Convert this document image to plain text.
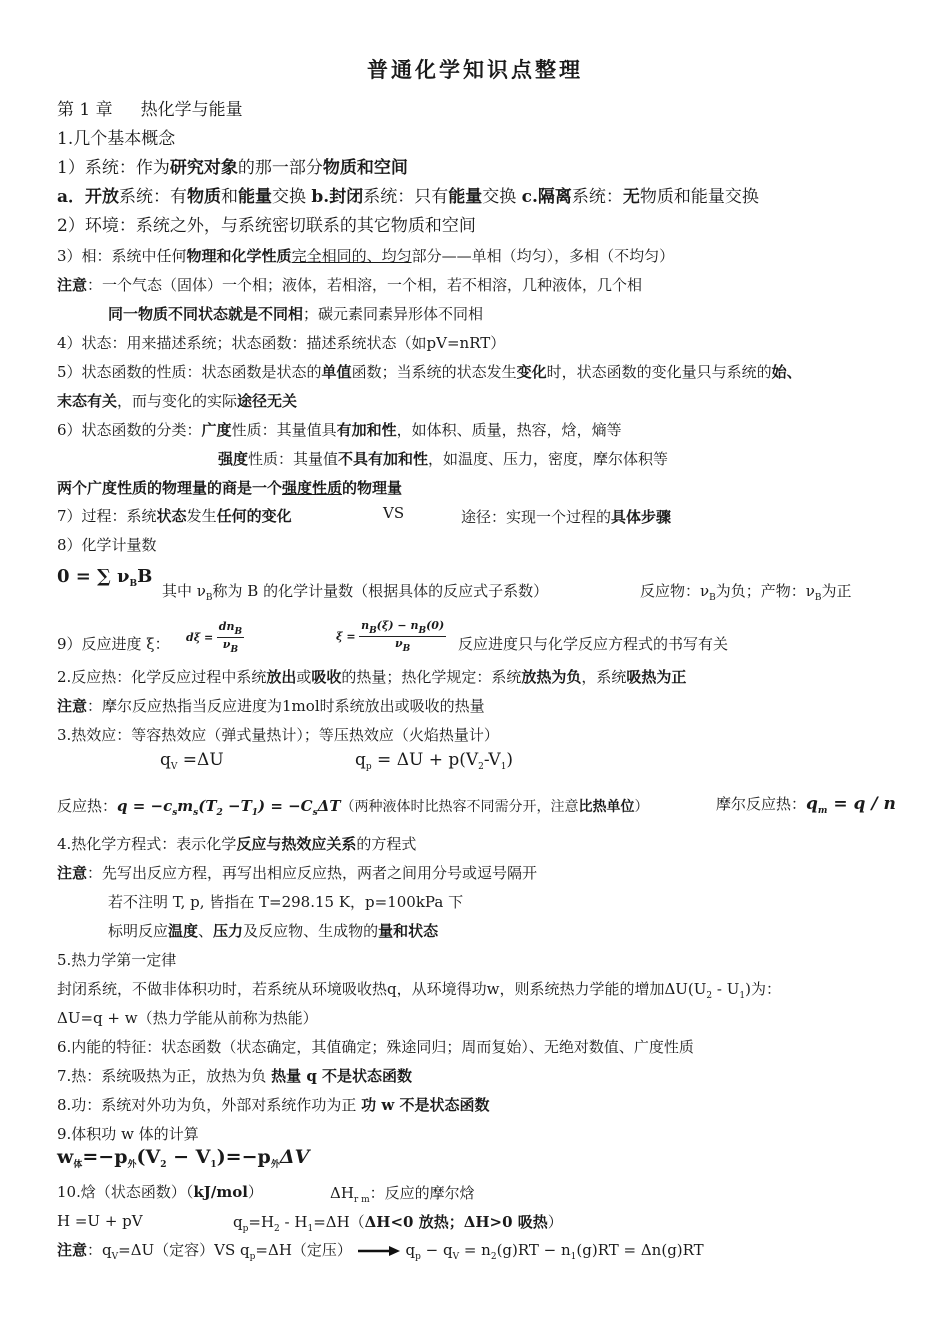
普通化学知识点整理
第 1 章 热化学与能量
1.几个基本概念
1）系统：作为研究对象的那一部分物质和空间
a．开放系统：有物质和能量交换 b.封闭系统：只有能量交换 c.隔离系统：无物质和能量交换
2）环境：系统之外，与系统密切联系的其它物质和空间
3）相：系统中任何物理和化学性质完全相同的、均匀部分——单相（均匀），多相（不均匀）
注意：一个气态（固体）一个相；液体，若相溶，一个相，若不相溶，几种液体，几个相
同一物质不同状态就是不同相；碳元素同素异形体不同相
4）状态：用来描述系统；状态函数：描述系统状态（如pV=nRT）
5）状态函数的性质：状态函数是状态的单值函数；当系统的状态发生变化时，状态函数的变化量只与系统的始、
末态有关，而与变化的实际途径无关
6）状态函数的分类：广度性质：其量值具有加和性，如体积、质量，热容，焓，熵等
强度性质：其量值不具有加和性，如温度、压力，密度，摩尔体积等
两个广度性质的物理量的商是一个强度性质的物理量
7）过程：系统状态发生任何的变化	VS	途径：实现一个过程的具体步骤
8）化学计量数
0 = ∑ $\nu_BB$
其中 $\nu_B$称为 B 的化学计量数（根据具体的反应式子系数）	反应物：$\nu_B$为负；产物：$\nu_B$为正
9）反应进度 ξ： dξ =
$dn_B$
$\nu_B$
$\xi = \frac{n_B(\xi) - n_B(0)}{\nu_B}$ 反应进度只与化学反应方程式的书写有关
2.反应热：化学反应过程中系统放出或吸收的热量；热化学规定：系统放热为负，系统吸热为正
注意：摩尔反应热指当反应进度为1mol时系统放出或吸收的热量
3.热效应：等容热效应（弹式量热计）；等压热效应（火焰热量计）
$q_V =\Delta U$	$q_p = \Delta U + p(V_2-V_1)$
反应热：$q = -c_sm_s(T_2 -T_1) = -C_s\Delta T$（两种液体时比热容不同需分开，注意比热单位）	摩尔反应热：$q_m = q / n$
4.热化学方程式：表示化学反应与热效应关系的方程式
注意：先写出反应方程，再写出相应反应热，两者之间用分号或逗号隔开
若不注明 T, p, 皆指在 T=298.15 K，p=100kPa 下
标明反应温度、压力及反应物、生成物的量和状态
5.热力学第一定律
封闭系统，不做非体积功时，若系统从环境吸收热q，从环境得功w，则系统热力学能的增加$\Delta U(U_2 - U_1)$为：
ΔU=q + w（热力学能从前称为热能）
6.内能的特征：状态函数（状态确定，其值确定；殊途同归；周而复始）、无绝对数值、广度性质
7.热：系统吸热为正，放热为负 热量 q 不是状态函数
8.功：系统对外功为负，外部对系统作功为正 功 w 不是状态函数
9.体积功 w 体的计算
$w_体=-p_外(V_2 - V_1)=-p_外\Delta V$
10.焓（状态函数）（kJ/mol）	$\Delta H_{r m}$：反应的摩尔焓
H =U + pV	$q_p=H_2 - H_1=\Delta H(\Delta H<0$ 放热；ΔH>0 吸热）
注意：$q_V=\Delta U$（定容）VS $q_p=\Delta H$（定压）	$q_p - q_V = n_2(g)RT - n_1(g)RT = \Delta n(g)RT$
